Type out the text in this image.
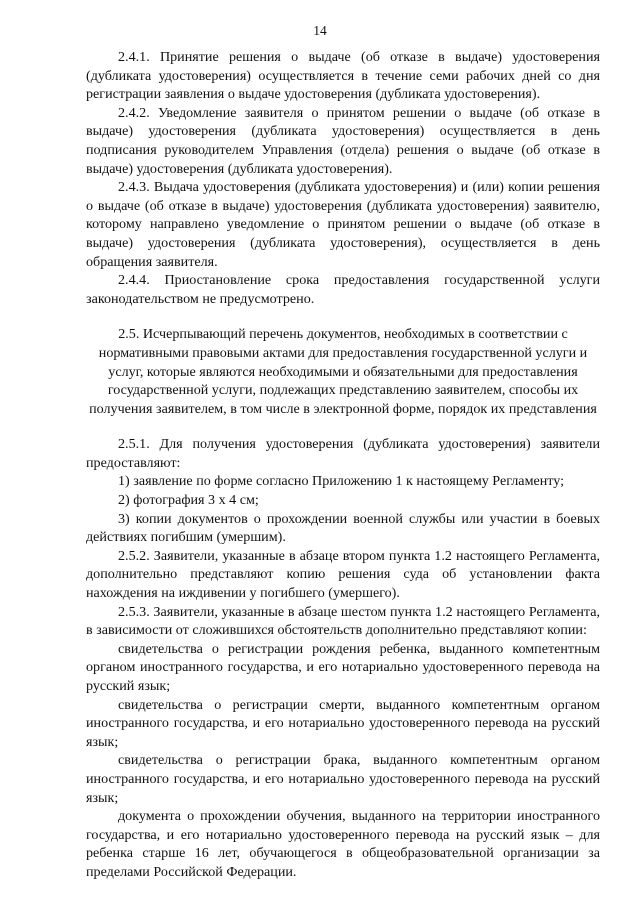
14

2.4.1. Принятие решения о выдаче (об отказе в выдаче) удостоверения (дубликата удостоверения) осуществляется в течение семи рабочих дней со дня регистрации заявления о выдаче удостоверения (дубликата удостоверения).

2.4.2. Уведомление заявителя о принятом решении о выдаче (об отказе в выдаче) удостоверения (дубликата удостоверения) осуществляется в день подписания руководителем Управления (отдела) решения о выдаче (об отказе в выдаче) удостоверения (дубликата удостоверения).

2.4.3. Выдача удостоверения (дубликата удостоверения) и (или) копии решения о выдаче (об отказе в выдаче) удостоверения (дубликата удостоверения) заявителю, которому направлено уведомление о принятом решении о выдаче (об отказе в выдаче) удостоверения (дубликата удостоверения), осуществляется в день обращения заявителя.

2.4.4. Приостановление срока предоставления государственной услуги законодательством не предусмотрено.

2.5. Исчерпывающий перечень документов, необходимых в соответствии с нормативными правовыми актами для предоставления государственной услуги и услуг, которые являются необходимыми и обязательными для предоставления государственной услуги, подлежащих представлению заявителем, способы их получения заявителем, в том числе в электронной форме, порядок их представления

2.5.1. Для получения удостоверения (дубликата удостоверения) заявители предоставляют:

1) заявление по форме согласно Приложению 1 к настоящему Регламенту;

2) фотография 3 х 4 см;

3) копии документов о прохождении военной службы или участии в боевых действиях погибшим (умершим).

2.5.2. Заявители, указанные в абзаце втором пункта 1.2 настоящего Регламента, дополнительно представляют копию решения суда об установлении факта нахождения на иждивении у погибшего (умершего).

2.5.3. Заявители, указанные в абзаце шестом пункта 1.2 настоящего Регламента, в зависимости от сложившихся обстоятельств дополнительно представляют копии:

свидетельства о регистрации рождения ребенка, выданного компетентным органом иностранного государства, и его нотариально удостоверенного перевода на русский язык;

свидетельства о регистрации смерти, выданного компетентным органом иностранного государства, и его нотариально удостоверенного перевода на русский язык;

свидетельства о регистрации брака, выданного компетентным органом иностранного государства, и его нотариально удостоверенного перевода на русский язык;

документа о прохождении обучения, выданного на территории иностранного государства, и его нотариально удостоверенного перевода на русский язык – для ребенка старше 16 лет, обучающегося в общеобразовательной организации за пределами Российской Федерации.
